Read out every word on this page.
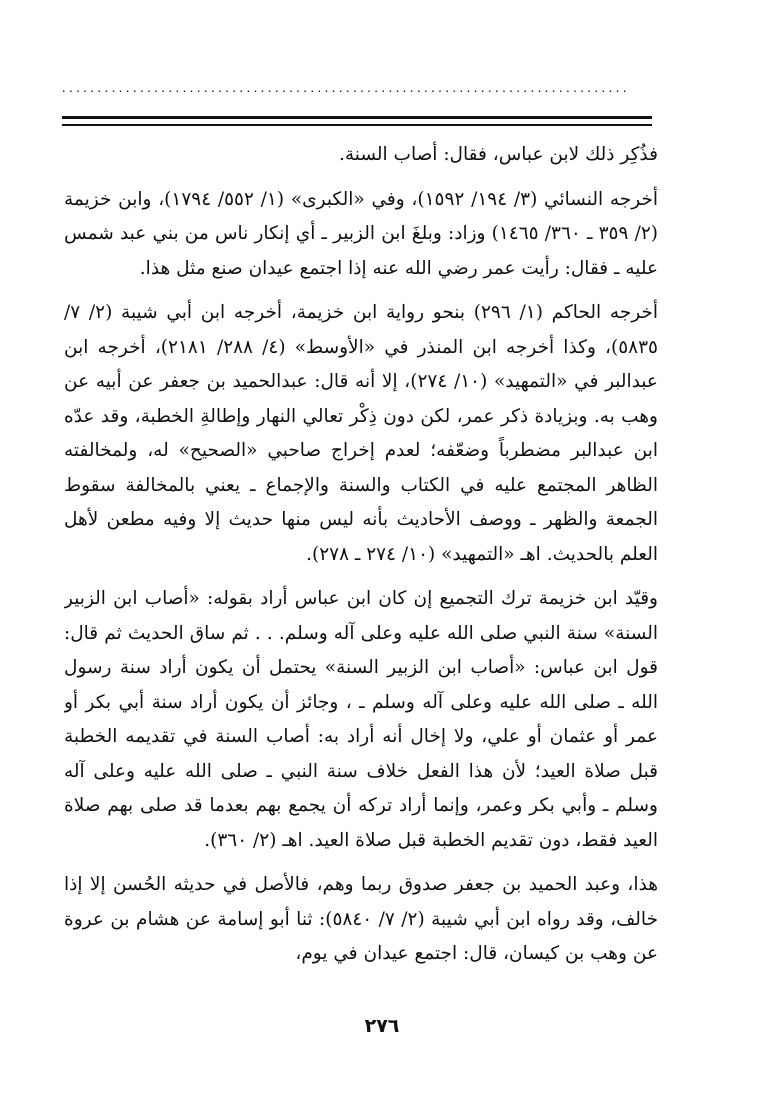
................................................................................

فذُكِر ذلك لابن عباس، فقال: أصاب السنة.

أخرجه النسائي (٣/ ١٩٤/ ١٥٩٢)، وفي «الكبرى» (١/ ٥٥٢/ ١٧٩٤)، وابن خزيمة (٢/ ٣٥٩ ـ ٣٦٠/ ١٤٦٥) وزاد: وبلغَ ابن الزبير ـ أي إنكار ناس من بني عبد شمس عليه ـ فقال: رأيت عمر رضي الله عنه إذا اجتمع عيدان صنع مثل هذا.

أخرجه الحاكم (١/ ٢٩٦) بنحو رواية ابن خزيمة، أخرجه ابن أبي شيبة (٢/ ٧/ ٥٨٣٥)، وكذا أخرجه ابن المنذر في «الأوسط» (٤/ ٢٨٨/ ٢١٨١)، أخرجه ابن عبدالبر في «التمهيد» (١٠/ ٢٧٤)، إلا أنه قال: عبدالحميد بن جعفر عن أبيه عن وهب به. وبزيادة ذكر عمر، لكن دون ذِكْر تعالي النهار وإطالةِ الخطبة، وقد عدّه ابن عبدالبر مضطرباً وضعّفه؛ لعدم إخراج صاحبي «الصحيح» له، ولمخالفته الظاهر المجتمع عليه في الكتاب والسنة والإجماع ـ يعني بالمخالفة سقوط الجمعة والظهر ـ ووصف الأحاديث بأنه ليس منها حديث إلا وفيه مطعن لأهل العلم بالحديث. اهـ «التمهيد» (١٠/ ٢٧٤ ـ ٢٧٨).

وقيّد ابن خزيمة ترك التجميع إن كان ابن عباس أراد بقوله: «أصاب ابن الزبير السنة» سنة النبي صلى الله عليه وعلى آله وسلم. . . ثم ساق الحديث ثم قال: قول ابن عباس: «أصاب ابن الزبير السنة» يحتمل أن يكون أراد سنة رسول الله ـ صلى الله عليه وعلى آله وسلم ـ ، وجائز أن يكون أراد سنة أبي بكر أو عمر أو عثمان أو علي، ولا إخال أنه أراد به: أصاب السنة في تقديمه الخطبة قبل صلاة العيد؛ لأن هذا الفعل خلاف سنة النبي ـ صلى الله عليه وعلى آله وسلم ـ وأبي بكر وعمر، وإنما أراد تركه أن يجمع بهم بعدما قد صلى بهم صلاة العيد فقط، دون تقديم الخطبة قبل صلاة العيد. اهـ (٢/ ٣٦٠).

هذا، وعبد الحميد بن جعفر صدوق ربما وهم، فالأصل في حديثه الحُسن إلا إذا خالف، وقد رواه ابن أبي شيبة (٢/ ٧/ ٥٨٤٠): ثنا أبو إسامة عن هشام بن عروة عن وهب بن كيسان، قال: اجتمع عيدان في يوم،

٢٧٦
